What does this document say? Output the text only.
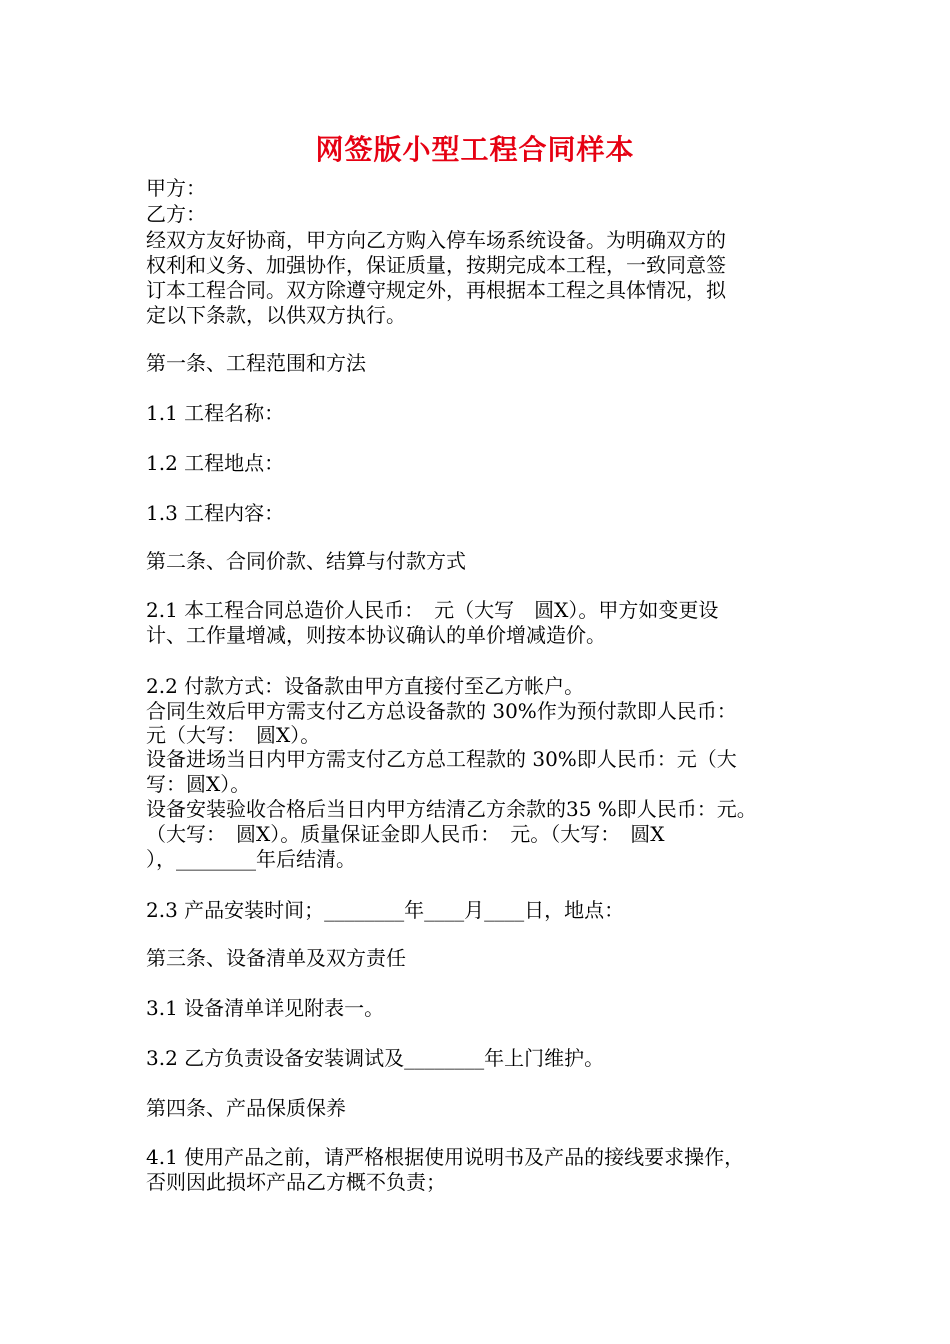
网签版小型工程合同样本
甲方：
乙方：
经双方友好协商，甲方向乙方购入停车场系统设备。为明确双方的
权利和义务、加强协作，保证质量，按期完成本工程，一致同意签
订本工程合同。双方除遵守规定外，再根据本工程之具体情况，拟
定以下条款，以供双方执行。
第一条、工程范围和方法
1.1 工程名称：
1.2 工程地点：
1.3 工程内容：
第二条、合同价款、结算与付款方式
2.1 本工程合同总造价人民币：　元（大写　圆X）。甲方如变更设
计、工作量增减，则按本协议确认的单价增减造价。
2.2 付款方式：设备款由甲方直接付至乙方帐户。
合同生效后甲方需支付乙方总设备款的 30%作为预付款即人民币：
元（大写：　圆X）。
设备进场当日内甲方需支付乙方总工程款的 30%即人民币：元（大
写：圆X）。
设备安装验收合格后当日内甲方结清乙方余款的35 %即人民币：元。
（大写：　圆X）。质量保证金即人民币：　元。（大写：　圆X
），________年后结清。
2.3 产品安装时间；________年____月____日，地点：
第三条、设备清单及双方责任
3.1 设备清单详见附表一。
3.2 乙方负责设备安装调试及________年上门维护。
第四条、产品保质保养
4.1 使用产品之前，请严格根据使用说明书及产品的接线要求操作，
否则因此损坏产品乙方概不负责；
